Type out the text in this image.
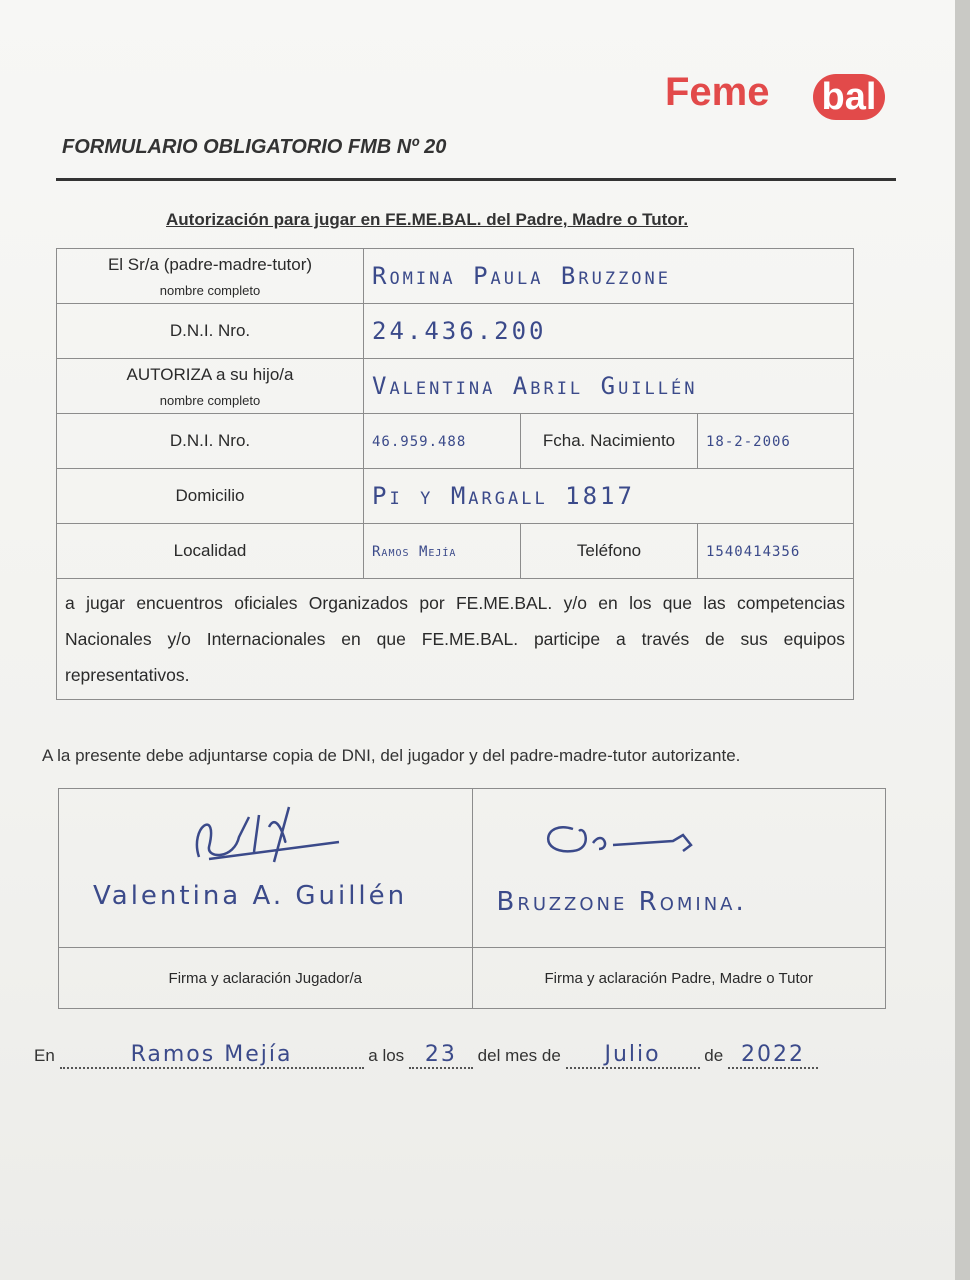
Feme bal
FORMULARIO OBLIGATORIO FMB Nº 20
Autorización para jugar en FE.ME.BAL. del Padre, Madre o Tutor.
El Sr/a (padre-madre-tutor)
nombre completo	Romina Paula Bruzzone		
D.N.I. Nro.	24.436.200		
AUTORIZA a su hijo/a
nombre completo	Valentina Abril Guillén		
D.N.I. Nro.	46.959.488	Fcha. Nacimiento	18-2-2006
Domicilio	Pi y Margall 1817		
Localidad	Ramos Mejía	Teléfono	1540414356
a jugar encuentros oficiales Organizados por FE.ME.BAL. y/o en los que las competencias Nacionales y/o Internacionales en que FE.ME.BAL. participe a través de sus equipos representativos.			
A la presente debe adjuntarse copia de DNI, del jugador y del padre-madre-tutor autorizante.
Valentina A. Guillén	Bruzzone Romina.

Firma y aclaración Jugador/a	Firma y aclaración Padre, Madre o Tutor
En	Ramos Mejía	a los 23 del mes de Julio	de 2022
